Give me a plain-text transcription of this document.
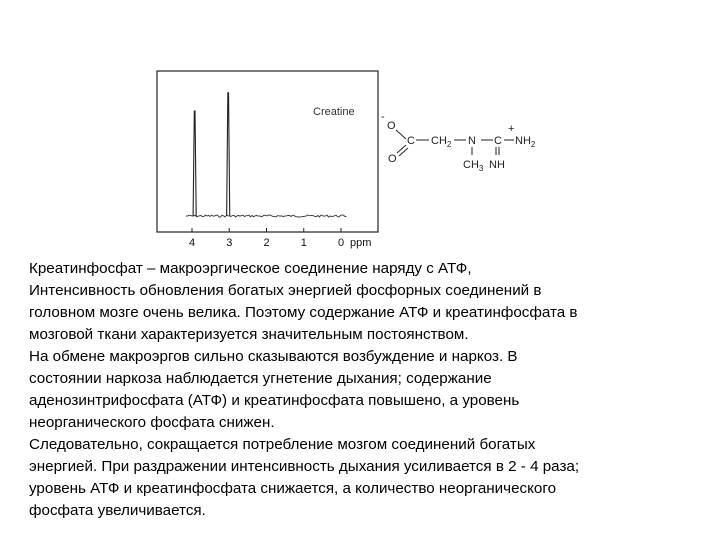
4	3	2	1	0 ppm
Creatine -
O
C
O
$CH_2$ N C
+
$NH_2$
$CH_3$ NH

Креатинфосфат – макроэргическое соединение наряду с АТФ,

Интенсивность обновления богатых энергией фосфорных соединений в

головном мозге очень велика. Поэтому содержание АТФ и креатинфосфата в

мозговой ткани характеризуется значительным постоянством.

На обмене макроэргов сильно сказываются возбуждение и наркоз. В

состоянии наркоза наблюдается угнетение дыхания; содержание

аденозинтрифосфата (АТФ) и креатинфосфата повышено, а уровень

неорганического фосфата снижен.

Следовательно, сокращается потребление мозгом соединений богатых

энергией. При раздражении интенсивность дыхания усиливается в 2 - 4 раза;

уровень АТФ и креатинфосфата снижается, а количество неорганического

фосфата увеличивается.
